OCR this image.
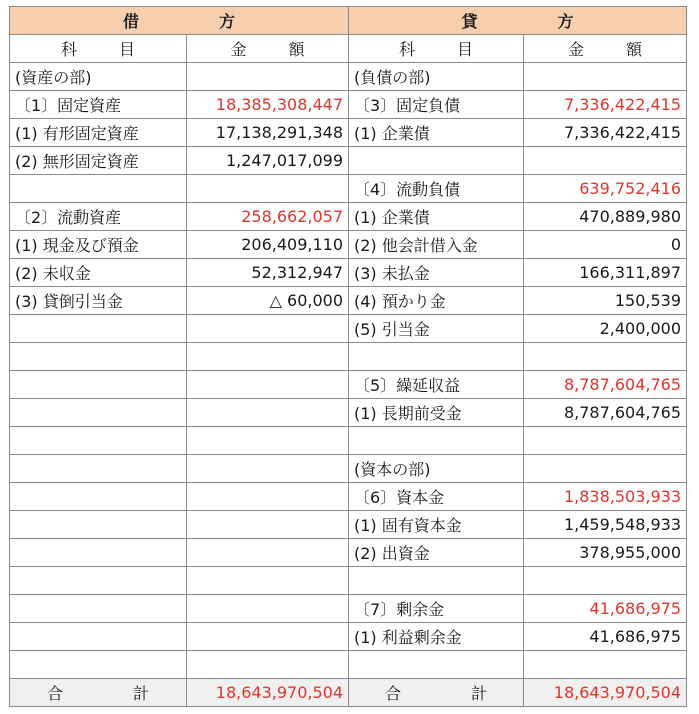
借 方		貸 方	

科 目	金 額	科 目	金 額

(資産の部)		(負債の部)	
〔1〕固定資産	18,385,308,447	〔3〕固定負債	7,336,422,415
(1) 有形固定資産	17,138,291,348	(1) 企業債	7,336,422,415
(2) 無形固定資産	1,247,017,099		
		〔4〕流動負債	639,752,416
〔2〕流動資産	258,662,057	(1) 企業債	470,889,980
(1) 現金及び預金	206,409,110	(2) 他会計借入金	0
(2) 未収金	52,312,947	(3) 未払金	166,311,897
(3) 貸倒引当金	△ 60,000	(4) 預かり金	150,539
		(5) 引当金	2,400,000

		〔5〕繰延収益	8,787,604,765
		(1) 長期前受金	8,787,604,765

		(資本の部)	
		〔6〕資本金	1,838,503,933
		(1) 固有資本金	1,459,548,933
		(2) 出資金	378,955,000

		〔7〕剰余金	41,686,975
		(1) 利益剰余金	41,686,975

合 計	18,643,970,504	合 計	18,643,970,504
